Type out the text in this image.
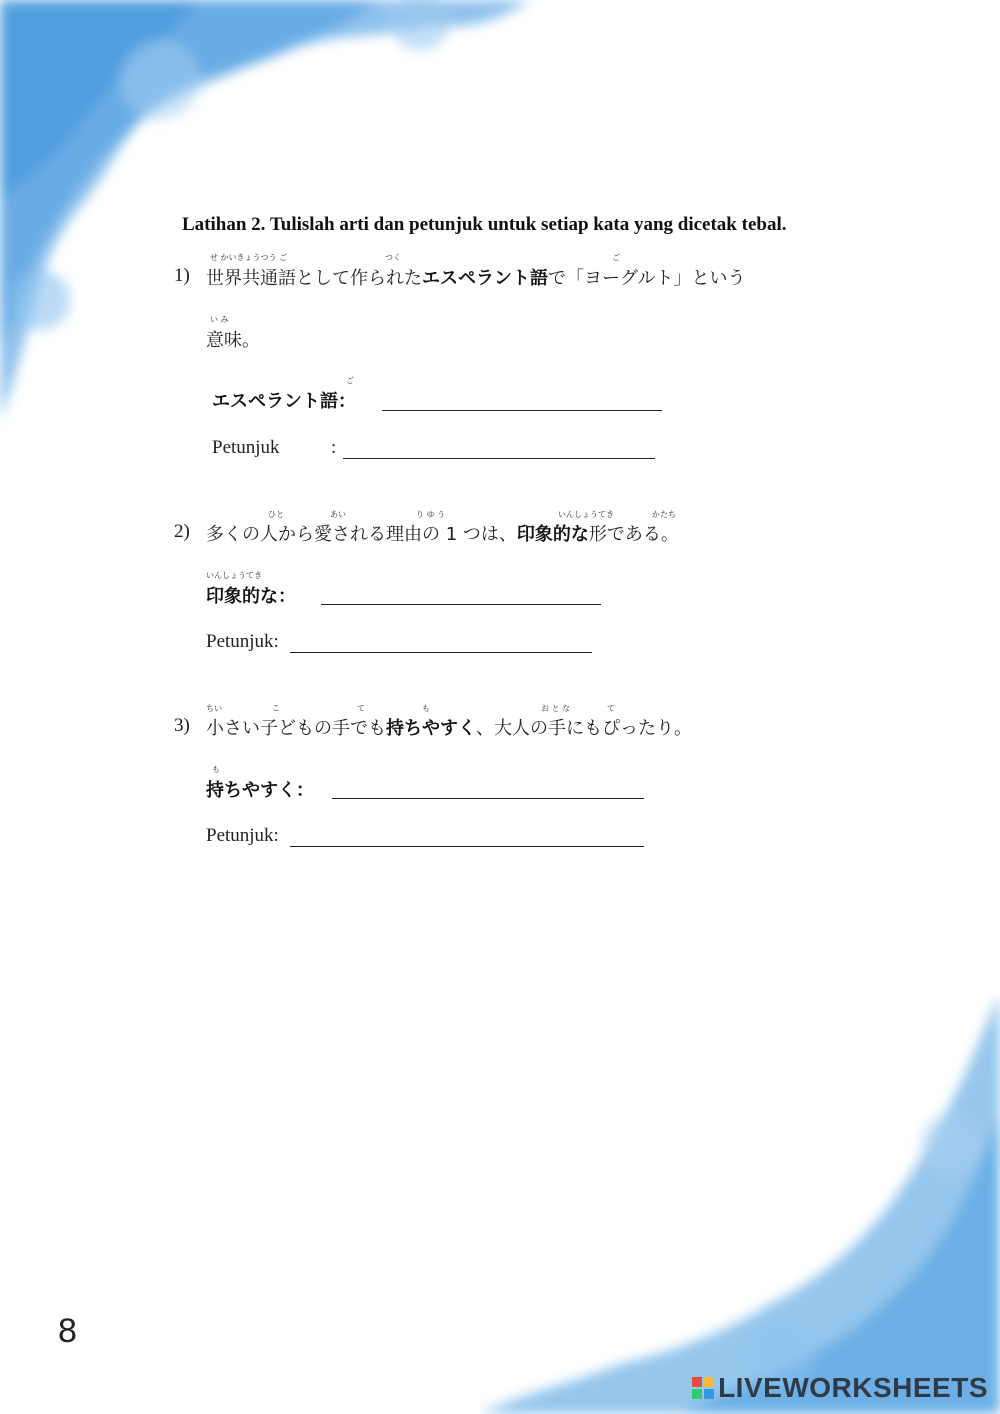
Latihan 2. Tulislah arti dan petunjuk untuk setiap kata yang dicetak tebal.
1)
せ かいきょうつう ご	つく	ご
世界共通語として作られたエスペラント語で「ヨーグルト」という
い み
意味。
ご
エスペラント語：
Petunjuk	:
2)
ひと	あい	り ゆ う	いんしょうてき	かたち
多くの人から愛される理由の 1 つは、印象的な形である。
いんしょうてき
印象的な：
Petunjuk:
3)
ちい	こ	て	も	お と な	て
小さい子どもの手でも持ちやすく、大人の手にもぴったり。
も
持ちやすく：
Petunjuk:
8
LIVEWORKSHEETS
